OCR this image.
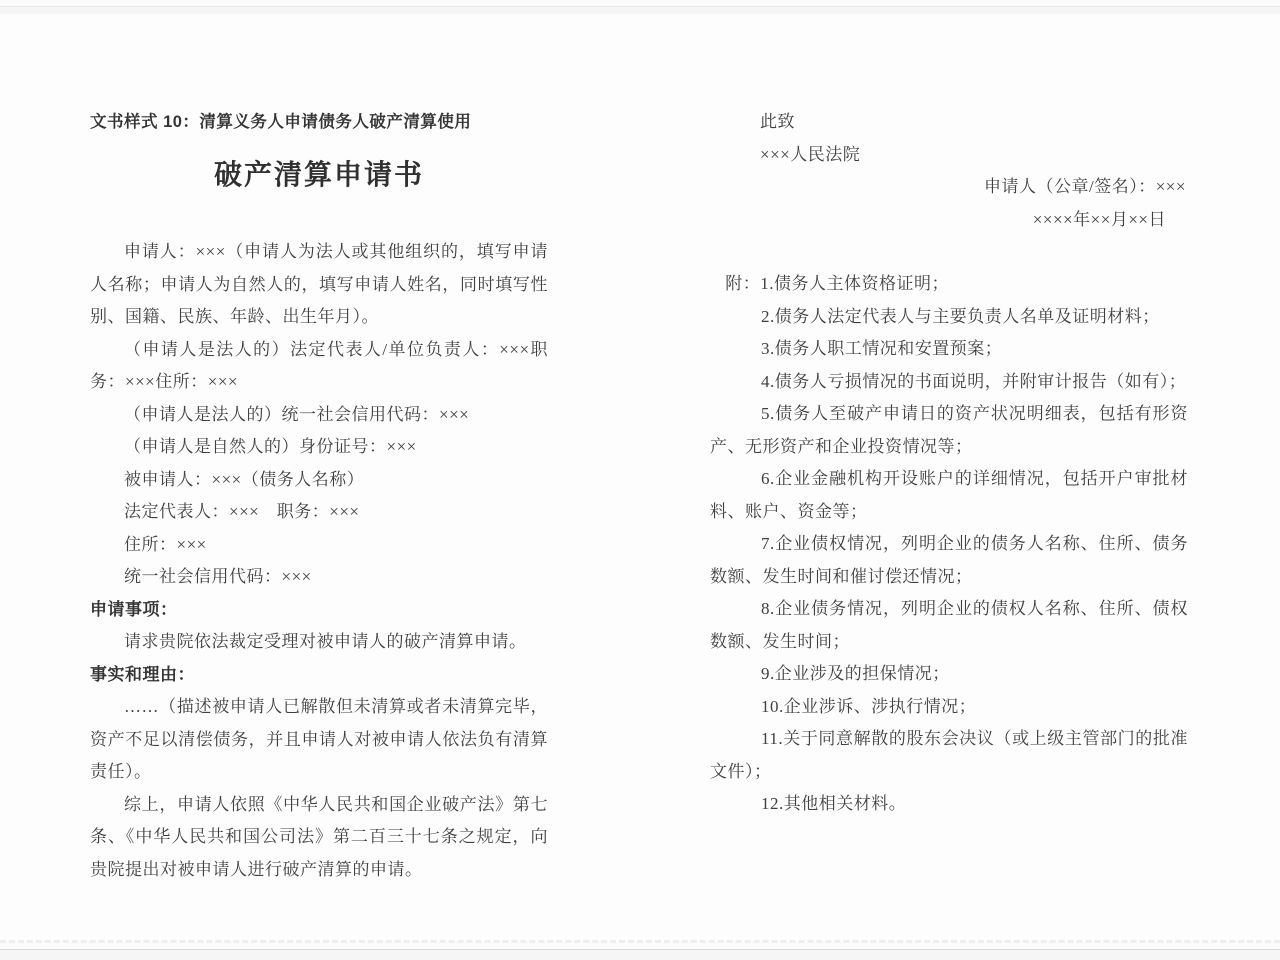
文书样式 10：清算义务人申请债务人破产清算使用
破产清算申请书

申请人：×××（申请人为法人或其他组织的，填写申请人名称；申请人为自然人的，填写申请人姓名，同时填写性别、国籍、民族、年龄、出生年月）。

（申请人是法人的）法定代表人/单位负责人：×××职务：×××住所：×××

（申请人是法人的）统一社会信用代码：×××

（申请人是自然人的）身份证号：×××

被申请人：×××（债务人名称）

法定代表人：×××　职务：×××

住所：×××

统一社会信用代码：×××

申请事项：

请求贵院依法裁定受理对被申请人的破产清算申请。

事实和理由：

……（描述被申请人已解散但未清算或者未清算完毕，资产不足以清偿债务，并且申请人对被申请人依法负有清算责任）。

综上，申请人依照《中华人民共和国企业破产法》第七条、《中华人民共和国公司法》第二百三十七条之规定，向贵院提出对被申请人进行破产清算的申请。

此致

×××人民法院

申请人（公章/签名）：×××

××××年××月××日

附：1.债务人主体资格证明；

2.债务人法定代表人与主要负责人名单及证明材料；

3.债务人职工情况和安置预案；

4.债务人亏损情况的书面说明，并附审计报告（如有）；

5.债务人至破产申请日的资产状况明细表，包括有形资产、无形资产和企业投资情况等；

6.企业金融机构开设账户的详细情况，包括开户审批材料、账户、资金等；

7.企业债权情况，列明企业的债务人名称、住所、债务数额、发生时间和催讨偿还情况；

8.企业债务情况，列明企业的债权人名称、住所、债权数额、发生时间；

9.企业涉及的担保情况；

10.企业涉诉、涉执行情况；

11.关于同意解散的股东会决议（或上级主管部门的批准文件）；

12.其他相关材料。
